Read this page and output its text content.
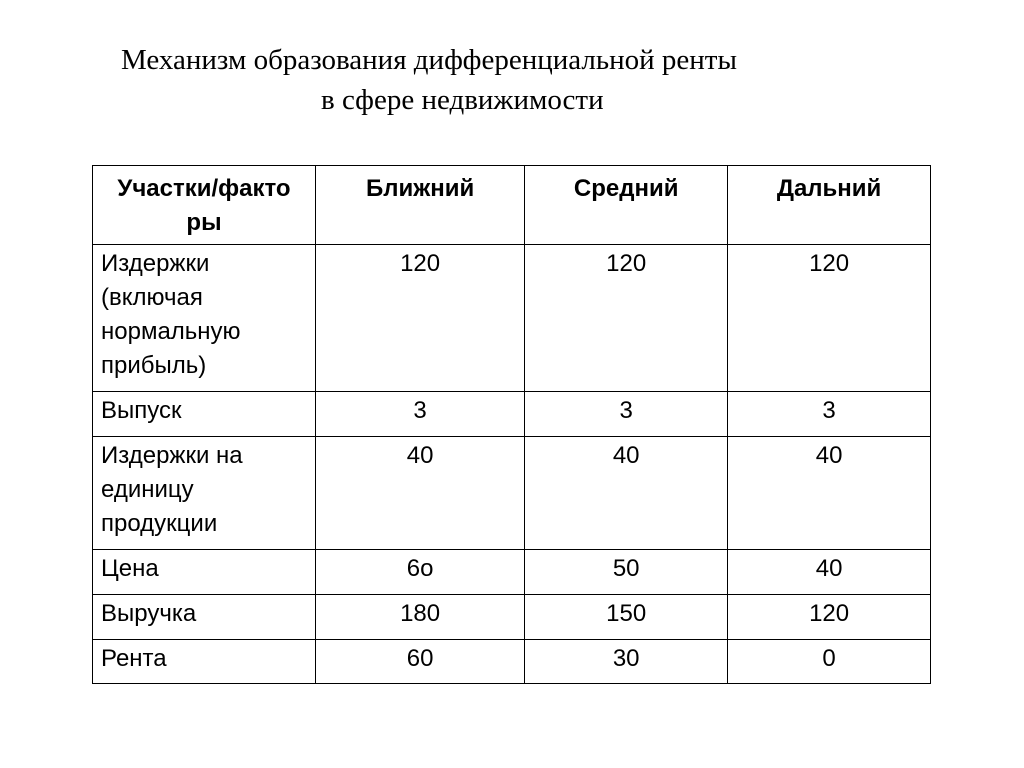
Механизм образования дифференциальной ренты
в сфере недвижимости
Участки/факто ры	Ближний	Средний	Дальний
Издержки (включая нормальную прибыль)	120	120	120
Выпуск	3	3	3
Издержки на единицу продукции	40	40	40
Цена	6о	50	40
Выручка	180	150	120
Рента	60	30	0
